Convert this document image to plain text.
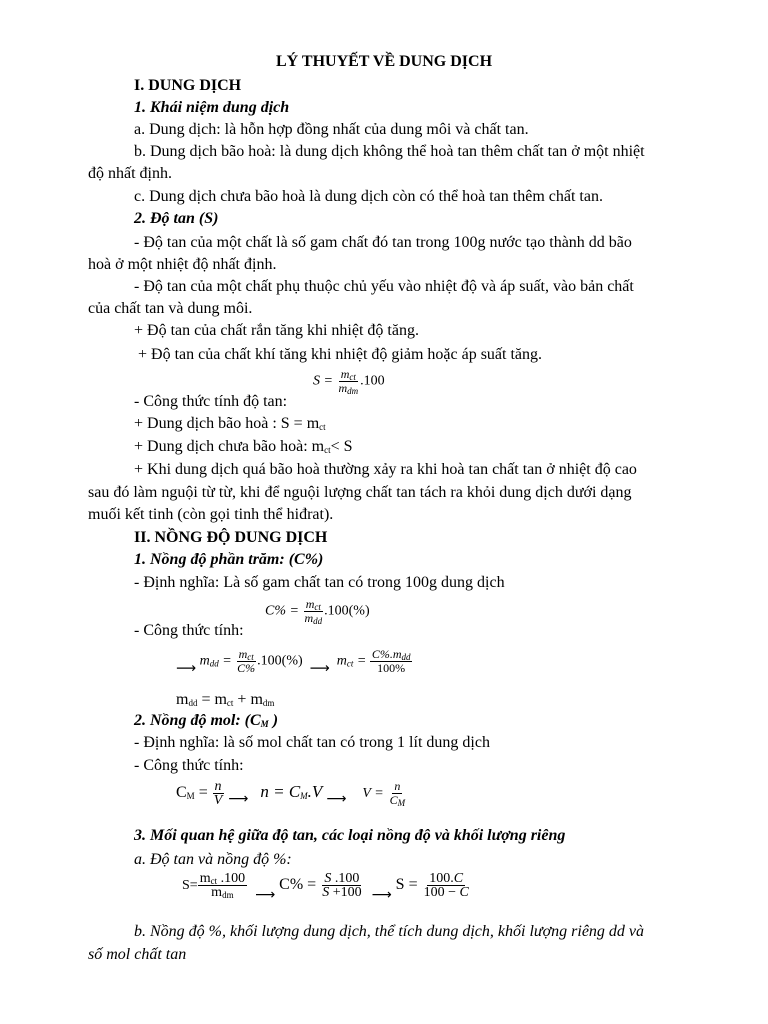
LÝ THUYẾT VỀ DUNG DỊCH
I. DUNG DỊCH
1. Khái niệm dung dịch
a. Dung dịch: là hỗn hợp đồng nhất của dung môi và chất tan.
b. Dung dịch bão hoà: là dung dịch không thể hoà tan thêm chất tan ở một nhiệt
độ nhất định.
c. Dung dịch chưa bão hoà là dung dịch còn có thể hoà tan thêm chất tan.
2. Độ tan (S)
- Độ tan của một chất là số gam chất đó tan trong 100g nước tạo thành dd bão
hoà ở một nhiệt độ nhất định.
- Độ tan của một chất phụ thuộc chủ yếu vào nhiệt độ và áp suất, vào bản chất
của chất tan và dung môi.
+ Độ tan của chất rắn tăng khi nhiệt độ tăng.
+ Độ tan của chất khí tăng khi nhiệt độ giảm hoặc áp suất tăng.
$S = \frac{m_{ct}}{m_{dm}} .100$
- Công thức tính độ tan:
+ Dung dịch bão hoà : $S = m_{ct}$
+ Dung dịch chưa bão hoà: $m_{ct}< S$
+ Khi dung dịch quá bão hoà thường xảy ra khi hoà tan chất tan ở nhiệt độ cao
sau đó làm nguội từ từ, khi để nguội lượng chất tan tách ra khỏi dung dịch dưới dạng
muối kết tinh (còn gọi tinh thể hiđrat).
II. NỒNG ĐỘ DUNG DỊCH
1. Nồng độ phần trăm: (C%)
- Định nghĩa: Là số gam chất tan có trong 100g dung dịch
$C\% = \frac{m_{ct}}{m_{dd}} .100(\%)$
- Công thức tính:
⟶ $m_{dd} = \frac{m_{ct}}{C\%} .100(\%)$ ⟶  $m_{ct} = \frac{C\%.m_{dd}}{100\%}$
$m_{dd} = m_{ct} + m_{dm}$
2. Nồng độ mol: ($C_M$ )
- Định nghĩa: là số mol chất tan có trong 1 lít dung dịch
- Công thức tính:
$C_M = \frac{n}{V}$ ⟶ $n = C_M.V$ ⟶ $V = \frac{n}{C_M}$
3. Mối quan hệ giữa độ tan, các loại nồng độ và khối lượng riêng
a. Độ tan và nồng độ %:
$S= \frac{m_{ct} .100}{m_{dm}}$ ⟶ $C\% = \frac{S .100}{S +100}$ ⟶ $S = \frac{100.C}{100 - C}$
b. Nồng độ %, khối lượng dung dịch, thể tích dung dịch, khối lượng riêng dd và
số mol chất tan
